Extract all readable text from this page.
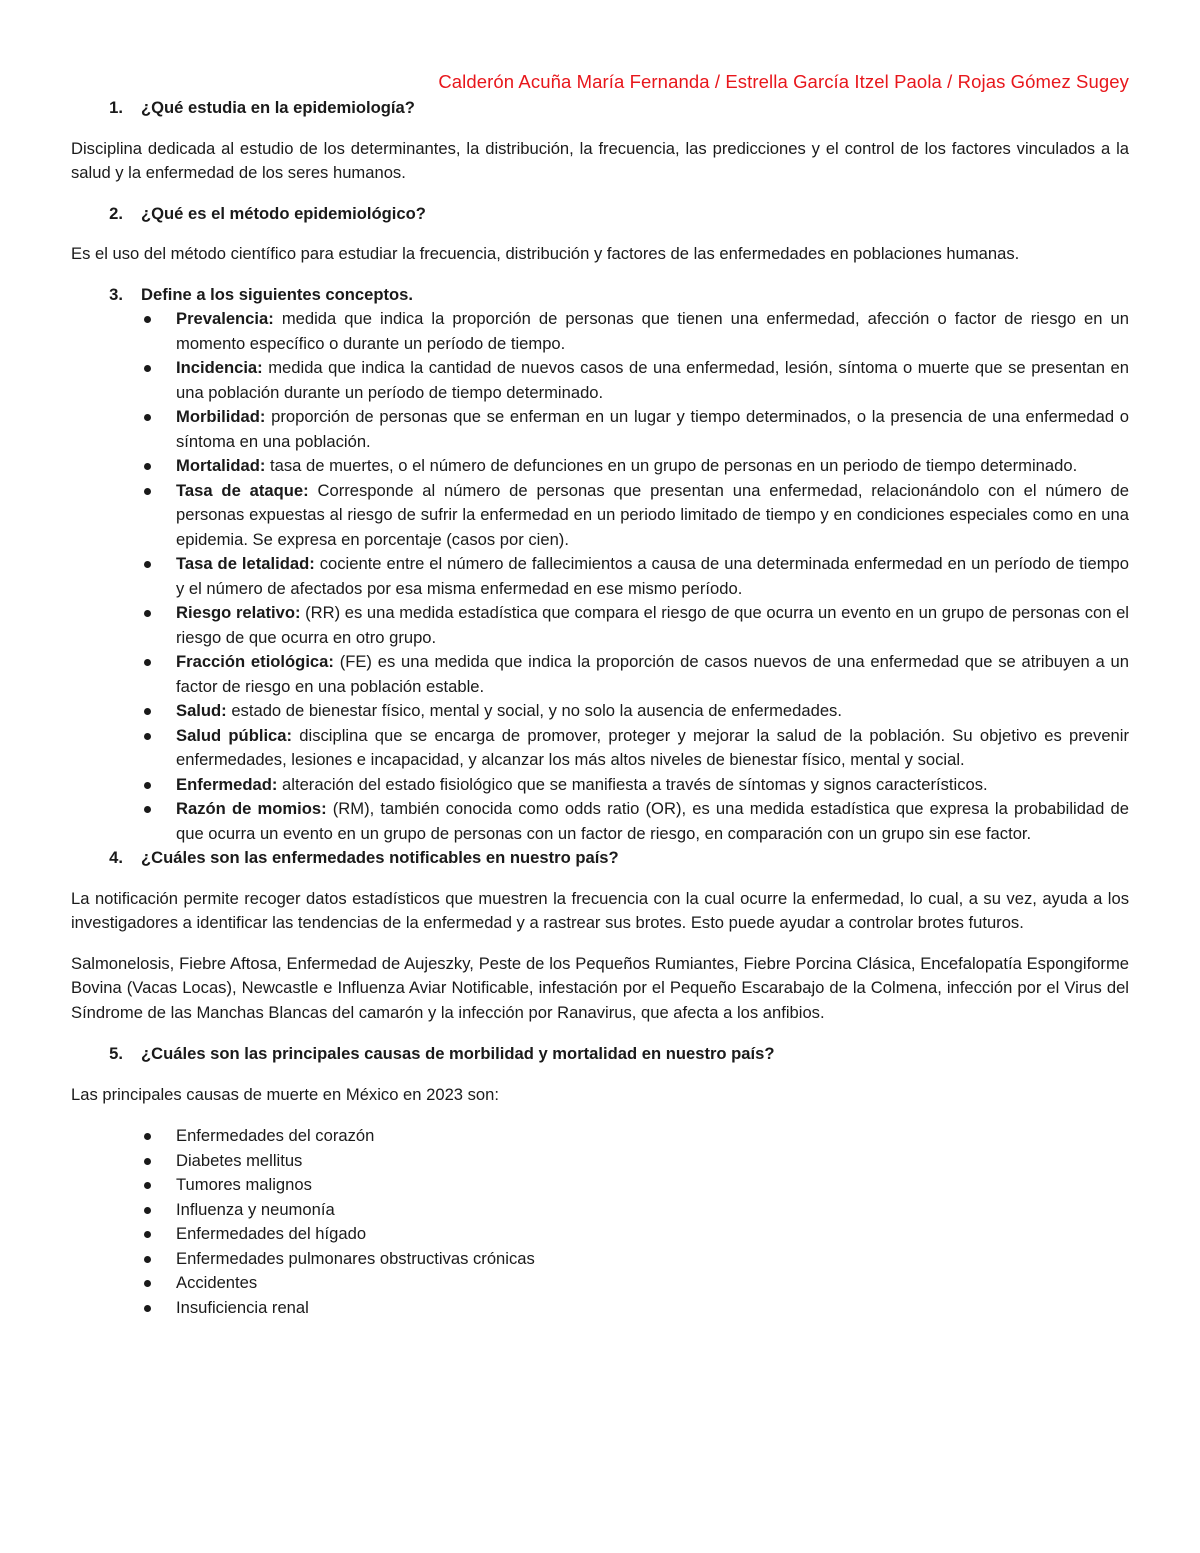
Calderón Acuña María Fernanda / Estrella García Itzel Paola / Rojas Gómez Sugey
1.	¿Qué estudia en la epidemiología?

Disciplina dedicada al estudio de los determinantes, la distribución, la frecuencia, las predicciones y el control de los factores vinculados a la salud y la enfermedad de los seres humanos.

2.	¿Qué es el método epidemiológico?

Es el uso del método científico para estudiar la frecuencia, distribución y factores de las enfermedades en poblaciones humanas.

3.	Define a los siguientes conceptos.
Prevalencia: medida que indica la proporción de personas que tienen una enfermedad, afección o factor de riesgo en un momento específico o durante un período de tiempo.
Incidencia: medida que indica la cantidad de nuevos casos de una enfermedad, lesión, síntoma o muerte que se presentan en una población durante un período de tiempo determinado.
Morbilidad: proporción de personas que se enferman en un lugar y tiempo determinados, o la presencia de una enfermedad o síntoma en una población.
Mortalidad: tasa de muertes, o el número de defunciones en un grupo de personas en un periodo de tiempo determinado.
Tasa de ataque: Corresponde al número de personas que presentan una enfermedad, relacionándolo con el número de personas expuestas al riesgo de sufrir la enfermedad en un periodo limitado de tiempo y en condiciones especiales como en una epidemia. Se expresa en porcentaje (casos por cien).
Tasa de letalidad: cociente entre el número de fallecimientos a causa de una determinada enfermedad en un período de tiempo y el número de afectados por esa misma enfermedad en ese mismo período.
Riesgo relativo: (RR) es una medida estadística que compara el riesgo de que ocurra un evento en un grupo de personas con el riesgo de que ocurra en otro grupo.
Fracción etiológica: (FE) es una medida que indica la proporción de casos nuevos de una enfermedad que se atribuyen a un factor de riesgo en una población estable.
Salud: estado de bienestar físico, mental y social, y no solo la ausencia de enfermedades.
Salud pública: disciplina que se encarga de promover, proteger y mejorar la salud de la población. Su objetivo es prevenir enfermedades, lesiones e incapacidad, y alcanzar los más altos niveles de bienestar físico, mental y social.
Enfermedad: alteración del estado fisiológico que se manifiesta a través de síntomas y signos característicos.
Razón de momios: (RM), también conocida como odds ratio (OR), es una medida estadística que expresa la probabilidad de que ocurra un evento en un grupo de personas con un factor de riesgo, en comparación con un grupo sin ese factor.
4.	¿Cuáles son las enfermedades notificables en nuestro país?

La notificación permite recoger datos estadísticos que muestren la frecuencia con la cual ocurre la enfermedad, lo cual, a su vez, ayuda a los investigadores a identificar las tendencias de la enfermedad y a rastrear sus brotes. Esto puede ayudar a controlar brotes futuros.

Salmonelosis, Fiebre Aftosa, Enfermedad de Aujeszky, Peste de los Pequeños Rumiantes, Fiebre Porcina Clásica, Encefalopatía Espongiforme Bovina (Vacas Locas), Newcastle e Influenza Aviar Notificable, infestación por el Pequeño Escarabajo de la Colmena, infección por el Virus del Síndrome de las Manchas Blancas del camarón y la infección por Ranavirus, que afecta a los anfibios.

5.	¿Cuáles son las principales causas de morbilidad y mortalidad en nuestro país?

Las principales causas de muerte en México en 2023 son:

Enfermedades del corazón
Diabetes mellitus
Tumores malignos
Influenza y neumonía
Enfermedades del hígado
Enfermedades pulmonares obstructivas crónicas
Accidentes
Insuficiencia renal
